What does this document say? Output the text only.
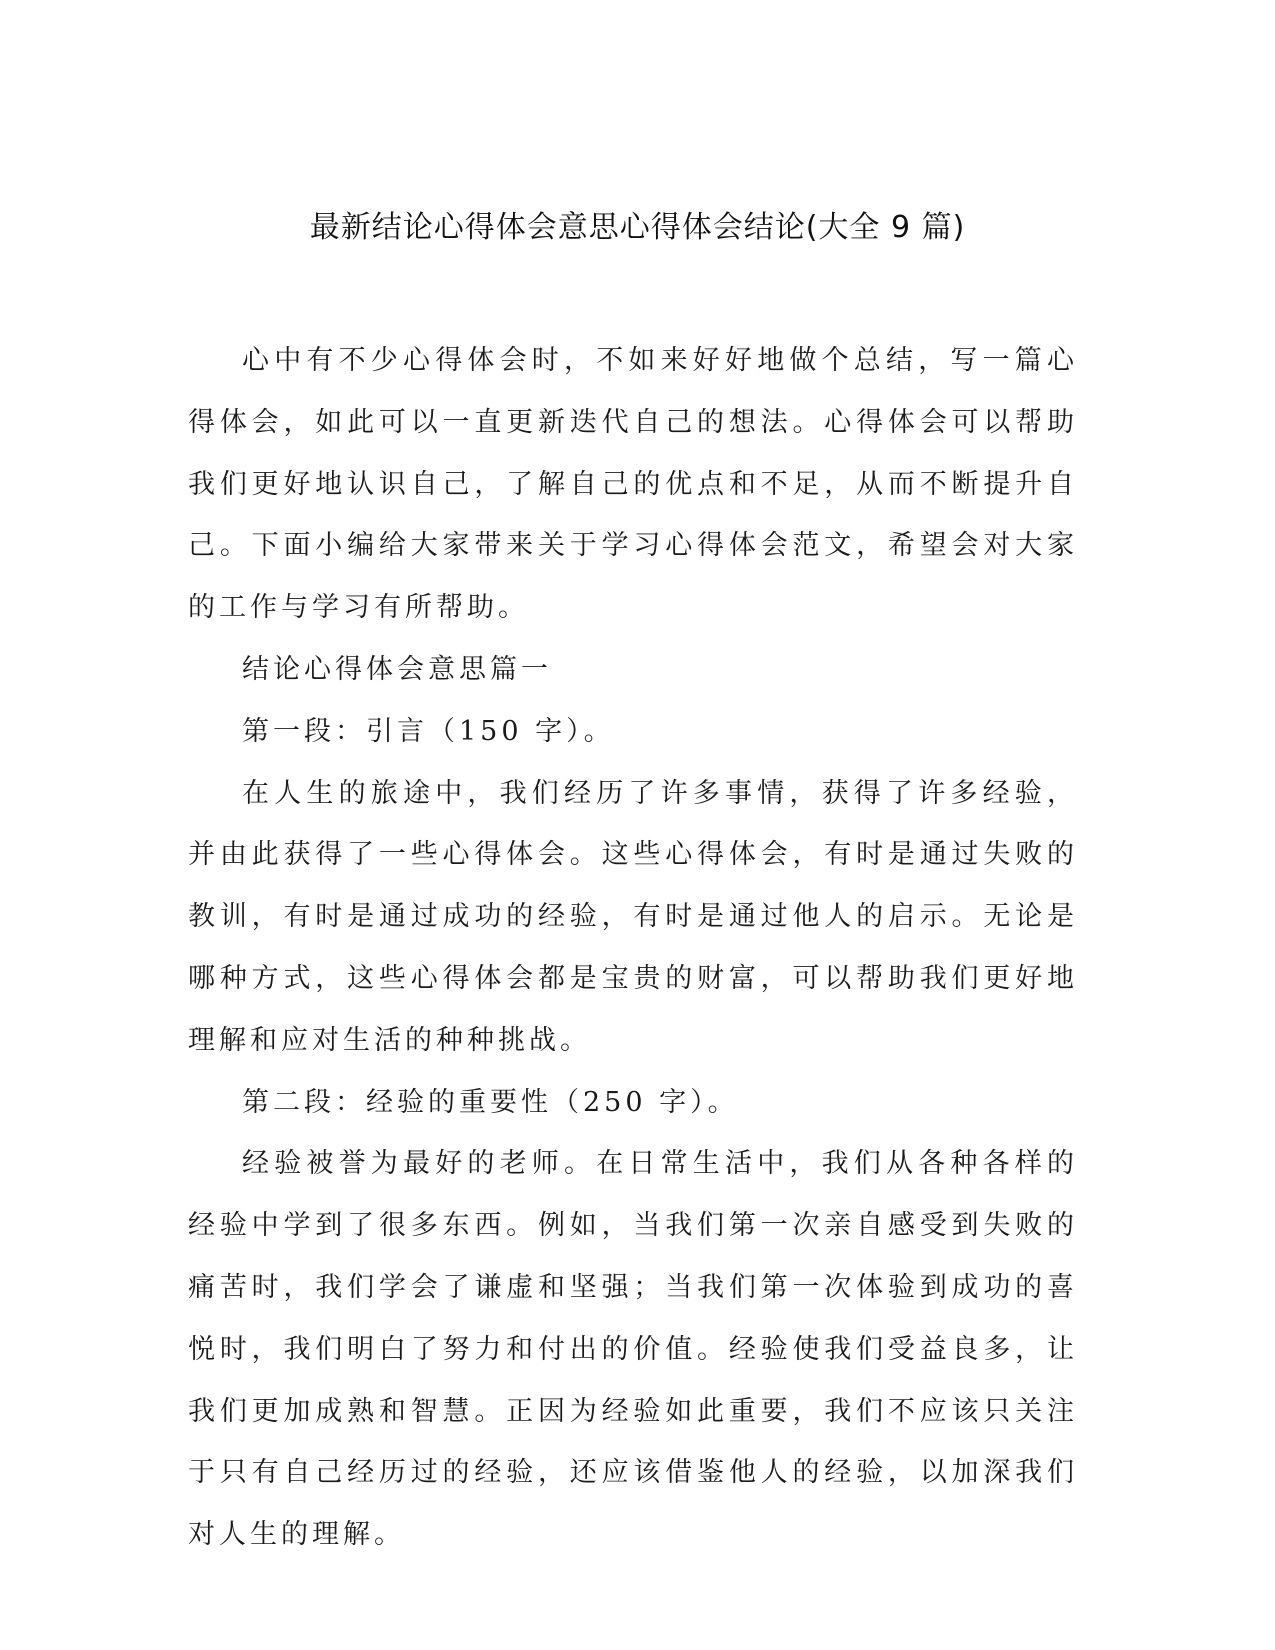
最新结论心得体会意思心得体会结论(大全 9 篇)

心中有不少心得体会时，不如来好好地做个总结，写一篇心得体会，如此可以一直更新迭代自己的想法。心得体会可以帮助我们更好地认识自己，了解自己的优点和不足，从而不断提升自己。下面小编给大家带来关于学习心得体会范文，希望会对大家的工作与学习有所帮助。

结论心得体会意思篇一

第一段：引言（150 字）。

在人生的旅途中，我们经历了许多事情，获得了许多经验，并由此获得了一些心得体会。这些心得体会，有时是通过失败的教训，有时是通过成功的经验，有时是通过他人的启示。无论是哪种方式，这些心得体会都是宝贵的财富，可以帮助我们更好地理解和应对生活的种种挑战。

第二段：经验的重要性（250 字）。

经验被誉为最好的老师。在日常生活中，我们从各种各样的经验中学到了很多东西。例如，当我们第一次亲自感受到失败的痛苦时，我们学会了谦虚和坚强；当我们第一次体验到成功的喜悦时，我们明白了努力和付出的价值。经验使我们受益良多，让我们更加成熟和智慧。正因为经验如此重要，我们不应该只关注于只有自己经历过的经验，还应该借鉴他人的经验，以加深我们对人生的理解。
